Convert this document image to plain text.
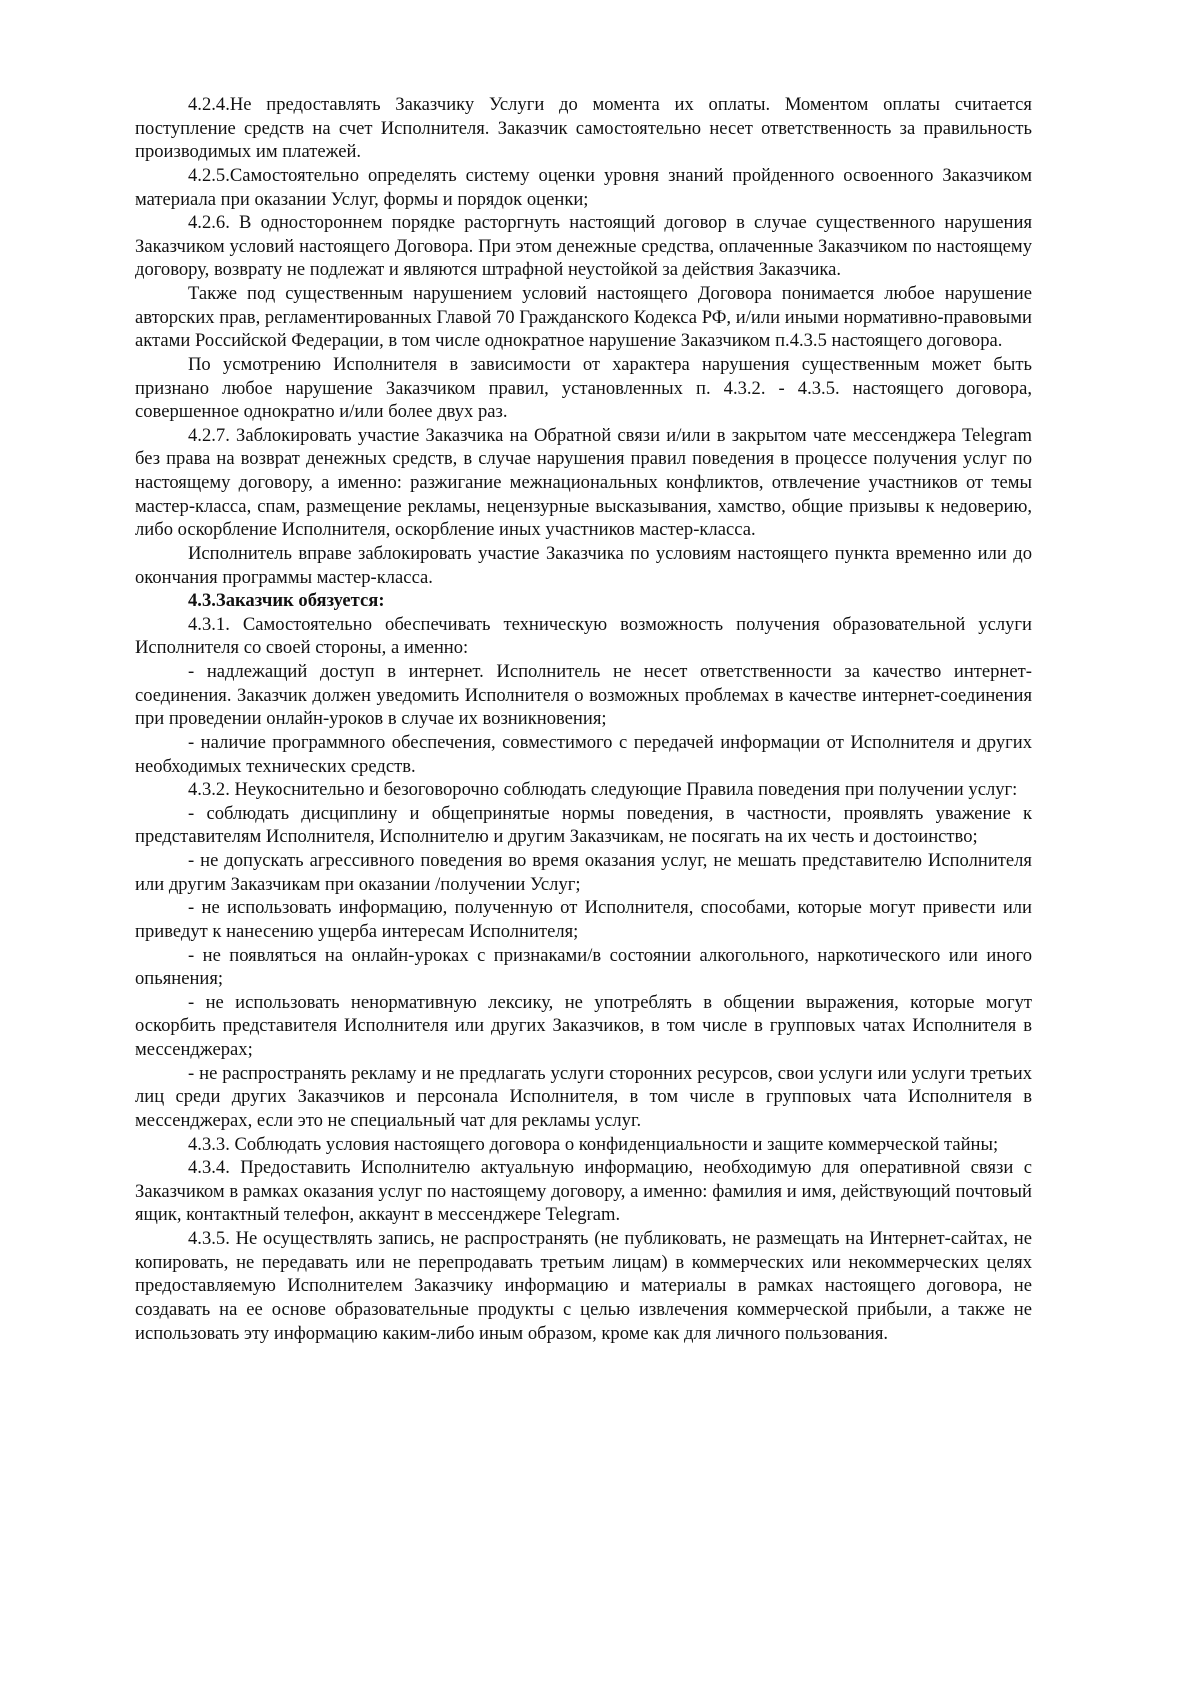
4.2.4.Не предоставлять Заказчику Услуги до момента их оплаты. Моментом оплаты считается поступление средств на счет Исполнителя. Заказчик самостоятельно несет ответственность за правильность производимых им платежей.

4.2.5.Самостоятельно определять систему оценки уровня знаний пройденного освоенного Заказчиком материала при оказании Услуг, формы и порядок оценки;

4.2.6. В одностороннем порядке расторгнуть настоящий договор в случае существенного нарушения Заказчиком условий настоящего Договора. При этом денежные средства, оплаченные Заказчиком по настоящему договору, возврату не подлежат и являются штрафной неустойкой за действия Заказчика.

Также под существенным нарушением условий настоящего Договора понимается любое нарушение авторских прав, регламентированных Главой 70 Гражданского Кодекса РФ, и/или иными нормативно-правовыми актами Российской Федерации, в том числе однократное нарушение Заказчиком п.4.3.5 настоящего договора.

По усмотрению Исполнителя в зависимости от характера нарушения существенным может быть признано любое нарушение Заказчиком правил, установленных п. 4.3.2. - 4.3.5. настоящего договора, совершенное однократно и/или более двух раз.

4.2.7. Заблокировать участие Заказчика на Обратной связи и/или в закрытом чате мессенджера Telegram без права на возврат денежных средств, в случае нарушения правил поведения в процессе получения услуг по настоящему договору, а именно: разжигание межнациональных конфликтов, отвлечение участников от темы мастер-класса, спам, размещение рекламы, нецензурные высказывания, хамство, общие призывы к недоверию, либо оскорбление Исполнителя, оскорбление иных участников мастер-класса.

Исполнитель вправе заблокировать участие Заказчика по условиям настоящего пункта временно или до окончания программы мастер-класса.

4.3.Заказчик обязуется:

4.3.1. Самостоятельно обеспечивать техническую возможность получения образовательной услуги Исполнителя со своей стороны, а именно:

- надлежащий доступ в интернет. Исполнитель не несет ответственности за качество интернет-соединения. Заказчик должен уведомить Исполнителя о возможных проблемах в качестве интернет-соединения при проведении онлайн-уроков в случае их возникновения;

- наличие программного обеспечения, совместимого с передачей информации от Исполнителя и других необходимых технических средств.

4.3.2. Неукоснительно и безоговорочно соблюдать следующие Правила поведения при получении услуг:

- соблюдать дисциплину и общепринятые нормы поведения, в частности, проявлять уважение к представителям Исполнителя, Исполнителю и другим Заказчикам, не посягать на их честь и достоинство;

- не допускать агрессивного поведения во время оказания услуг, не мешать представителю Исполнителя или другим Заказчикам при оказании /получении Услуг;

- не использовать информацию, полученную от Исполнителя, способами, которые могут привести или приведут к нанесению ущерба интересам Исполнителя;

- не появляться на онлайн-уроках с признаками/в состоянии алкогольного, наркотического или иного опьянения;

- не использовать ненормативную лексику, не употреблять в общении выражения, которые могут оскорбить представителя Исполнителя или других Заказчиков, в том числе в групповых чатах Исполнителя в мессенджерах;

- не распространять рекламу и не предлагать услуги сторонних ресурсов, свои услуги или услуги третьих лиц среди других Заказчиков и персонала Исполнителя, в том числе в групповых чата Исполнителя в мессенджерах, если это не специальный чат для рекламы услуг.

4.3.3. Соблюдать условия настоящего договора о конфиденциальности и защите коммерческой тайны;

4.3.4. Предоставить Исполнителю актуальную информацию, необходимую для оперативной связи с Заказчиком в рамках оказания услуг по настоящему договору, а именно: фамилия и имя, действующий почтовый ящик, контактный телефон, аккаунт в мессенджере Telegram.

4.3.5. Не осуществлять запись, не распространять (не публиковать, не размещать на Интернет-сайтах, не копировать, не передавать или не перепродавать третьим лицам) в коммерческих или некоммерческих целях предоставляемую Исполнителем Заказчику информацию и материалы в рамках настоящего договора, не создавать на ее основе образовательные продукты с целью извлечения коммерческой прибыли, а также не использовать эту информацию каким-либо иным образом, кроме как для личного пользования.
